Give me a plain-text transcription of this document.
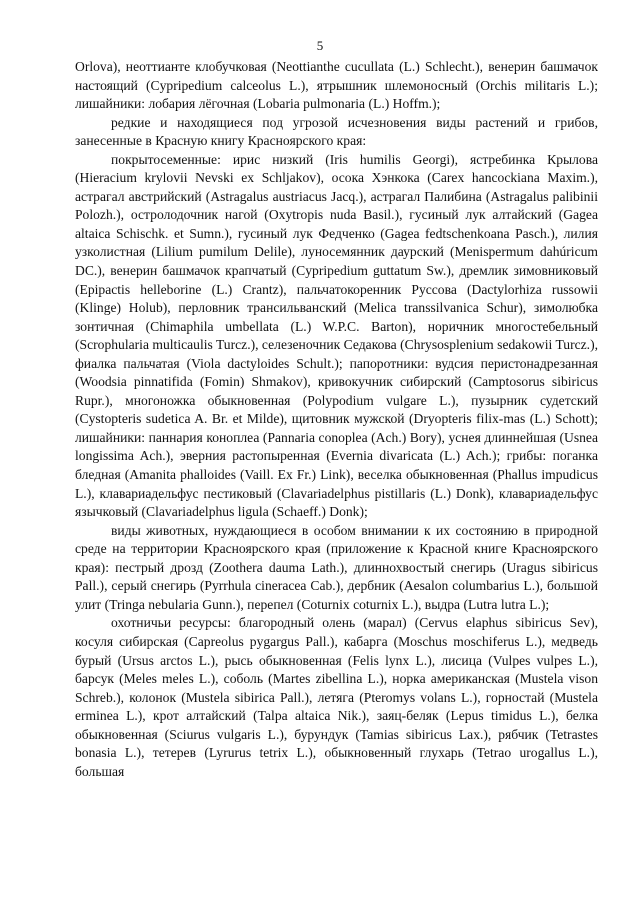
5

Orlova), неоттианте клобучковая (Neottianthe cucullata (L.) Schlecht.), венерин башмачок настоящий (Cypripedium calceolus L.), ятрышник шлемоносный (Orchis militaris L.); лишайники: лобария лёгочная (Lobaria pulmonaria (L.) Hoffm.);

редкие и находящиеся под угрозой исчезновения виды растений и грибов, занесенные в Красную книгу Красноярского края:

покрытосеменные: ирис низкий (Iris humilis Georgi), ястребинка Крылова (Hieracium krylovii Nevski ex Schljakov), осока Хэнкока (Carex hancockiana Maxim.), астрагал австрийский (Astragalus austriacus Jacq.), астрагал Палибина (Astragalus palibinii Polozh.), остролодочник нагой (Oxytropis nuda Basil.), гусиный лук алтайский (Gagea altaica Schischk. et Sumn.), гусиный лук Федченко (Gagea fedtschenkoana Pasch.), лилия узколистная (Lilium pumilum Delile), луносемянник даурский (Menispermum dahúricum DC.), венерин башмачок крапчатый (Cypripedium guttatum Sw.), дремлик зимовниковый (Epipactis helleborine (L.) Crantz), пальчатокоренник Руссова (Dactylorhiza russowii (Klinge) Holub), перловник трансильванский (Melica transsilvanica Schur), зимолюбка зонтичная (Chimaphila umbellata (L.) W.P.C. Barton), норичник многостебельный (Scrophularia multicaulis Turcz.), селезеночник Седакова (Chrysosplenium sedakowii Turcz.), фиалка пальчатая (Viola dactyloides Schult.); папоротники: вудсия перистонадрезанная (Woodsia pinnatifida (Fomin) Shmakov), кривокучник сибирский (Camptosorus sibiricus Rupr.), многоножка обыкновенная (Polypodium vulgare L.), пузырник судетский (Cystopteris sudetica A. Br. et Milde), щитовник мужской (Dryopteris filix-mas (L.) Schott); лишайники: паннария коноплеа (Pannaria conoplea (Ach.) Bory), уснея длиннейшая (Usnea longissima Ach.), эверния растопыренная (Evernia divaricata (L.) Ach.); грибы: поганка бледная (Amanita phalloides (Vaill. Ex Fr.) Link), веселка обыкновенная (Phallus impudicus L.), клавариадельфус пестиковый (Clavariadelphus pistillaris (L.) Donk), клавариадельфус язычковый (Clavariadelphus ligula (Schaeff.) Donk);

виды животных, нуждающиеся в особом внимании к их состоянию в природной среде на территории Красноярского края (приложение к Красной книге Красноярского края): пестрый дрозд (Zoothera dauma Lath.), длиннохвостый снегирь (Uragus sibiricus Pall.), серый снегирь (Pyrrhula cineracea Cab.), дербник (Aesalon columbarius L.), большой улит (Tringa nebularia Gunn.), перепел (Coturnix coturnix L.), выдра (Lutra lutra L.);

охотничьи ресурсы: благородный олень (марал) (Cervus elaphus sibiricus Sev), косуля сибирская (Capreolus pygargus Pall.), кабарга (Moschus moschiferus L.), медведь бурый (Ursus arctos L.), рысь обыкновенная (Felis lynx L.), лисица (Vulpes vulpes L.), барсук (Meles meles L.), соболь (Martes zibellina L.), норка американская (Mustela vison Schreb.), колонок (Mustela sibirica Pall.), летяга (Pteromys volans L.), горностай (Mustela erminea L.), крот алтайский (Talpa altaica Nik.), заяц-беляк (Lepus timidus L.), белка обыкновенная (Sciurus vulgaris L.), бурундук (Tamias sibiricus Lax.), рябчик (Tetrastes bonasia L.), тетерев (Lyrurus tetrix L.), обыкновенный глухарь (Tetrao urogallus L.), большая
